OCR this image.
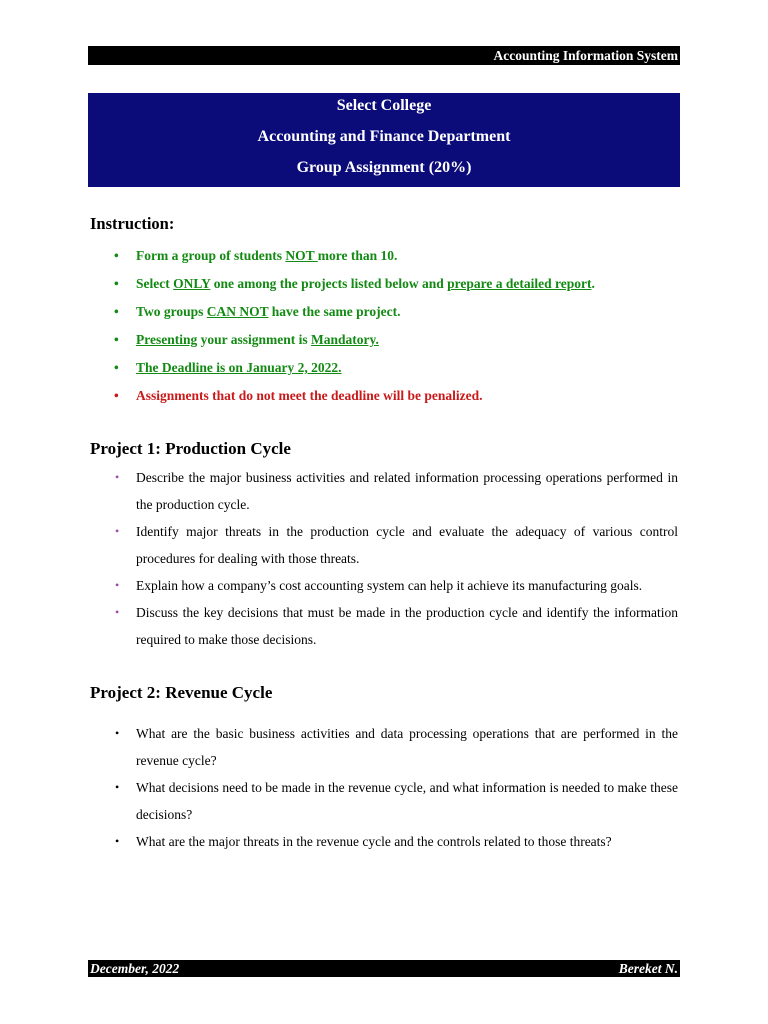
Accounting Information System
Select College
Accounting and Finance Department
Group Assignment (20%)
Instruction:
• Form a group of students NOT more than 10.
• Select ONLY one among the projects listed below and prepare a detailed report.
• Two groups CAN NOT have the same project.
• Presenting your assignment is Mandatory.
• The Deadline is on January 2, 2022.
• Assignments that do not meet the deadline will be penalized.
Project 1: Production Cycle
• Describe the major business activities and related information processing operations performed in the production cycle.
• Identify major threats in the production cycle and evaluate the adequacy of various control procedures for dealing with those threats.
• Explain how a company’s cost accounting system can help it achieve its manufacturing goals.
• Discuss the key decisions that must be made in the production cycle and identify the information required to make those decisions.
Project 2: Revenue Cycle
• What are the basic business activities and data processing operations that are performed in the revenue cycle?
• What decisions need to be made in the revenue cycle, and what information is needed to make these decisions?
• What are the major threats in the revenue cycle and the controls related to those threats?
December, 2022	Bereket N.
